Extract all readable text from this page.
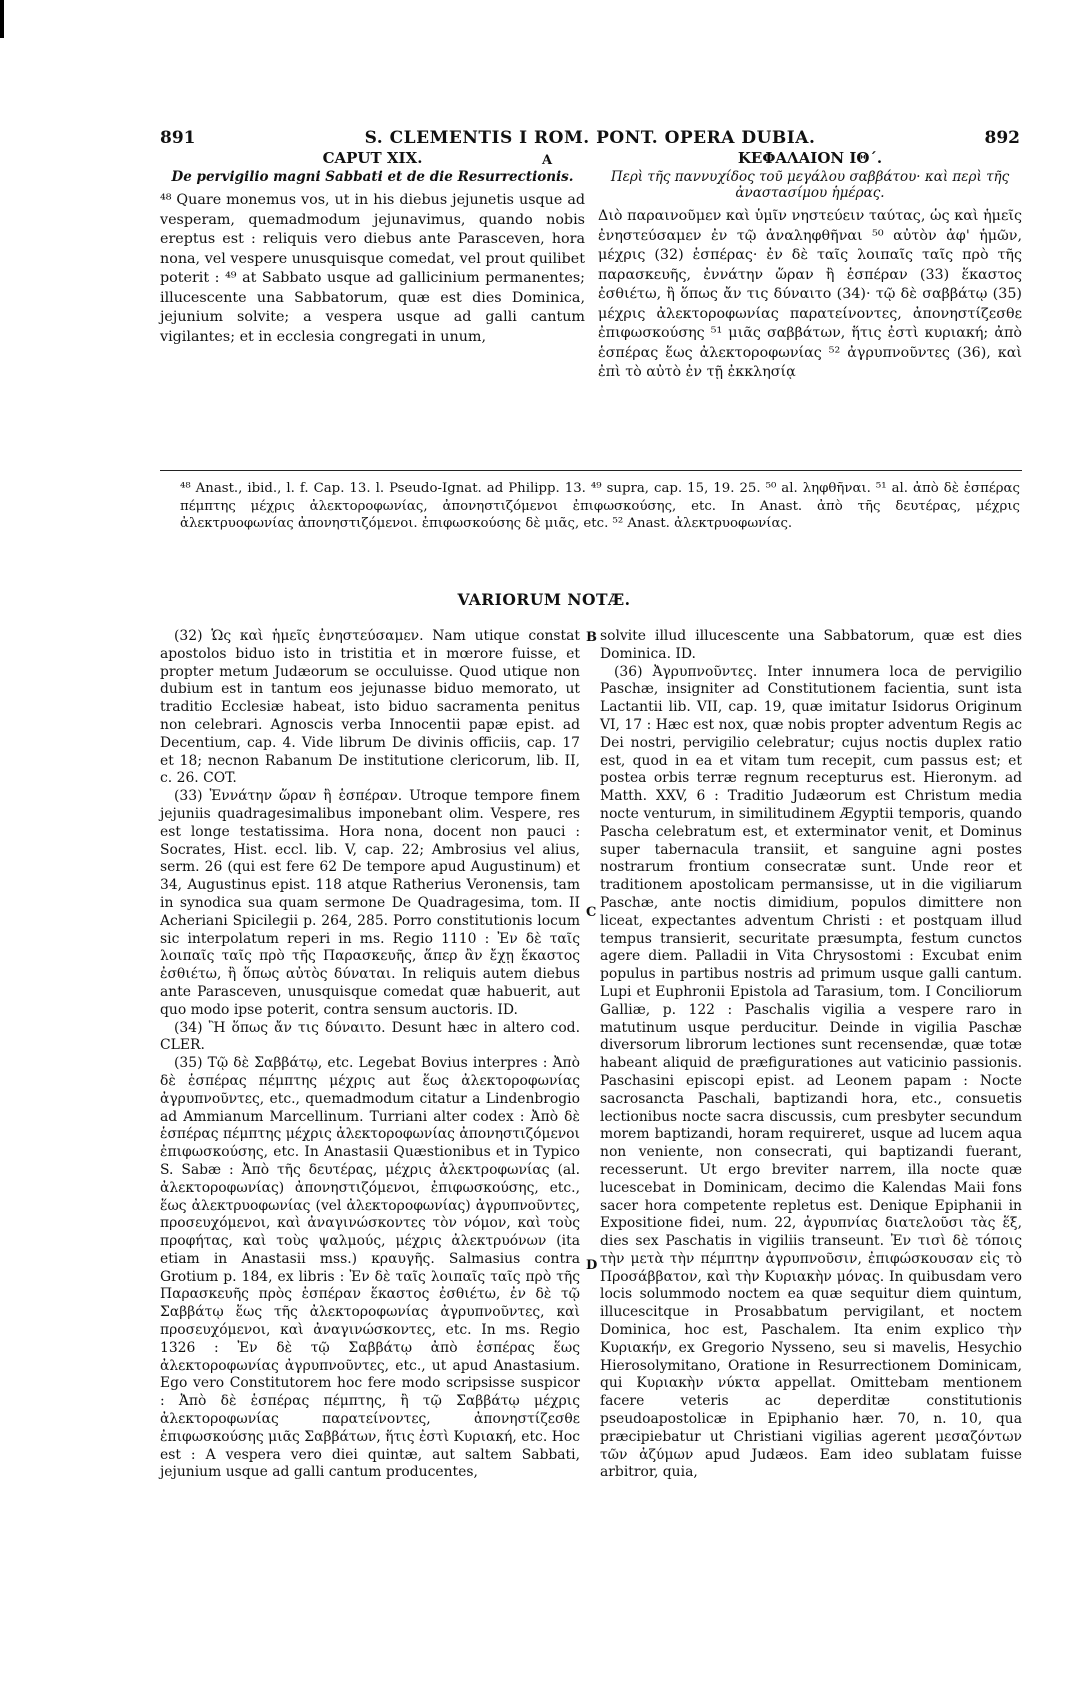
891	S. CLEMENTIS I ROM. PONT. OPERA DUBIA.	892
CAPUT XIX.
De pervigilio magni Sabbati et de die Resurrectionis.
⁴⁸ Quare monemus vos, ut in his diebus jejunetis usque ad vesperam, quemadmodum jejunavimus, quando nobis ereptus est : reliquis vero diebus ante Parasceven, hora nona, vel vespere unusquisque comedat, vel prout quilibet poterit : ⁴⁹ at Sabbato usque ad gallicinium permanentes; illucescente una Sabbatorum, quæ est dies Dominica, jejunium solvite; a vespera usque ad galli cantum vigilantes; et in ecclesia congregati in unum,
A	ΚΕΦΑΛΑΙΟΝ ΙΘ΄.
Περὶ τῆς παννυχίδος τοῦ μεγάλου σαββάτου· καὶ περὶ τῆς ἀναστασίμου ἡμέρας.
Διὸ παραινοῦμεν καὶ ὑμῖν νηστεύειν ταύτας, ὡς καὶ ἡμεῖς ἐνηστεύσαμεν ἐν τῷ ἀναληφθῆναι ⁵⁰ αὐτὸν ἀφ' ἡμῶν, μέχρις (32) ἑσπέρας· ἐν δὲ ταῖς λοιπαῖς ταῖς πρὸ τῆς παρασκευῆς, ἐννάτην ὥραν ἢ ἑσπέραν (33) ἕκαστος ἐσθιέτω, ἢ ὅπως ἄν τις δύναιτο (34)· τῷ δὲ σαββάτῳ (35) μέχρις ἀλεκτοροφωνίας παρατείνοντες, ἀπονηστίζεσθε ἐπιφωσκούσης ⁵¹ μιᾶς σαββάτων, ἥτις ἐστὶ κυριακή; ἀπὸ ἑσπέρας ἕως ἀλεκτοροφωνίας ⁵² ἀγρυπνοῦντες (36), καὶ ἐπὶ τὸ αὐτὸ ἐν τῇ ἐκκλησίᾳ
⁴⁸ Anast., ibid., l. f. Cap. 13. l. Pseudo-Ignat. ad Philipp. 13. ⁴⁹ supra, cap. 15, 19. 25. ⁵⁰ al. ληφθῆναι. ⁵¹ al. ἀπὸ δὲ ἑσπέρας πέμπτης μέχρις ἀλεκτοροφωνίας, ἀπονηστιζόμενοι ἐπιφωσκούσης, etc. In Anast. ἀπὸ τῆς δευτέρας, μέχρις ἀλεκτρυοφωνίας ἀπονηστιζόμενοι. ἐπιφωσκούσης δὲ μιᾶς, etc. ⁵² Anast. ἀλεκτρυοφωνίας.
VARIORUM NOTÆ.

(32) Ὡς καὶ ἡμεῖς ἐνηστεύσαμεν. Nam utique constat apostolos biduo isto in tristitia et in mœrore fuisse, et propter metum Judæorum se occuluisse. Quod utique non dubium est in tantum eos jejunasse biduo memorato, ut traditio Ecclesiæ habeat, isto biduo sacramenta penitus non celebrari. Agnoscis verba Innocentii papæ epist. ad Decentium, cap. 4. Vide librum De divinis officiis, cap. 17 et 18; necnon Rabanum De institutione clericorum, lib. II, c. 26. COT.

(33) Ἐννάτην ὥραν ἢ ἑσπέραν. Utroque tempore finem jejuniis quadragesimalibus imponebant olim. Vespere, res est longe testatissima. Hora nona, docent non pauci : Socrates, Hist. eccl. lib. V, cap. 22; Ambrosius vel alius, serm. 26 (qui est fere 62 De tempore apud Augustinum) et 34, Augustinus epist. 118 atque Ratherius Veronensis, tam in synodica sua quam sermone De Quadragesima, tom. II Acheriani Spicilegii p. 264, 285. Porro constitutionis locum sic interpolatum reperi in ms. Regio 1110 : Ἐν δὲ ταῖς λοιπαῖς ταῖς πρὸ τῆς Παρασκευῆς, ἅπερ ἂν ἔχῃ ἕκαστος ἐσθιέτω, ἢ ὅπως αὐτὸς δύναται. In reliquis autem diebus ante Parasceven, unusquisque comedat quæ habuerit, aut quo modo ipse poterit, contra sensum auctoris. ID.

(34) Ἢ ὅπως ἄν τις δύναιτο. Desunt hæc in altero cod. CLER.

(35) Τῷ δὲ Σαββάτῳ, etc. Legebat Bovius interpres : Ἀπὸ δὲ ἑσπέρας πέμπτης μέχρις aut ἕως ἀλεκτοροφωνίας ἀγρυπνοῦντες, etc., quemadmodum citatur a Lindenbrogio ad Ammianum Marcellinum. Turriani alter codex : Ἀπὸ δὲ ἑσπέρας πέμπτης μέχρις ἀλεκτοροφωνίας ἀπονηστιζόμενοι ἐπιφωσκούσης, etc. In Anastasii Quæstionibus et in Typico S. Sabæ : Ἀπὸ τῆς δευτέρας, μέχρις ἀλεκτροφωνίας (al. ἀλεκτοροφωνίας) ἀπονηστιζόμενοι, ἐπιφωσκούσης, etc., ἕως ἀλεκτρυοφωνίας (vel ἀλεκτοροφωνίας) ἀγρυπνοῦντες, προσευχόμενοι, καὶ ἀναγινώσκοντες τὸν νόμον, καὶ τοὺς προφήτας, καὶ τοὺς ψαλμούς, μέχρις ἀλεκτρυόνων (ita etiam in Anastasii mss.) κραυγῆς. Salmasius contra Grotium p. 184, ex libris : Ἐν δὲ ταῖς λοιπαῖς ταῖς πρὸ τῆς Παρασκευῆς πρὸς ἑσπέραν ἕκαστος ἐσθιέτω, ἐν δὲ τῷ Σαββάτῳ ἕως τῆς ἀλεκτοροφωνίας ἀγρυπνοῦντες, καὶ προσευχόμενοι, καὶ ἀναγινώσκοντες, etc. In ms. Regio 1326 : Ἐν δὲ τῷ Σαββάτῳ ἀπὸ ἑσπέρας ἕως ἀλεκτοροφωνίας ἀγρυπνοῦντες, etc., ut apud Anastasium. Ego vero Constitutorem hoc fere modo scripsisse suspicor : Ἀπὸ δὲ ἑσπέρας πέμπτης, ἢ τῷ Σαββάτῳ μέχρις ἀλεκτοροφωνίας παρατείνοντες, ἀπονηστίζεσθε ἐπιφωσκούσης μιᾶς Σαββάτων, ἥτις ἐστὶ Κυριακή, etc. Hoc est : A vespera vero diei quintæ, aut saltem Sabbati, jejunium usque ad galli cantum producentes,

B
C
D

solvite illud illucescente una Sabbatorum, quæ est dies Dominica. ID.

(36) Ἀγρυπνοῦντες. Inter innumera loca de pervigilio Paschæ, insigniter ad Constitutionem facientia, sunt ista Lactantii lib. VII, cap. 19, quæ imitatur Isidorus Originum VI, 17 : Hæc est nox, quæ nobis propter adventum Regis ac Dei nostri, pervigilio celebratur; cujus noctis duplex ratio est, quod in ea et vitam tum recepit, cum passus est; et postea orbis terræ regnum recepturus est. Hieronym. ad Matth. XXV, 6 : Traditio Judæorum est Christum media nocte venturum, in similitudinem Ægyptii temporis, quando Pascha celebratum est, et exterminator venit, et Dominus super tabernacula transiit, et sanguine agni postes nostrarum frontium consecratæ sunt. Unde reor et traditionem apostolicam permansisse, ut in die vigiliarum Paschæ, ante noctis dimidium, populos dimittere non liceat, expectantes adventum Christi : et postquam illud tempus transierit, securitate præsumpta, festum cunctos agere diem. Palladii in Vita Chrysostomi : Excubat enim populus in partibus nostris ad primum usque galli cantum. Lupi et Euphronii Epistola ad Tarasium, tom. I Conciliorum Galliæ, p. 122 : Paschalis vigilia a vespere raro in matutinum usque perducitur. Deinde in vigilia Paschæ diversorum librorum lectiones sunt recensendæ, quæ totæ habeant aliquid de præfigurationes aut vaticinio passionis. Paschasini episcopi epist. ad Leonem papam : Nocte sacrosancta Paschali, baptizandi hora, etc., consuetis lectionibus nocte sacra discussis, cum presbyter secundum morem baptizandi, horam requireret, usque ad lucem aqua non veniente, non consecrati, qui baptizandi fuerant, recesserunt. Ut ergo breviter narrem, illa nocte quæ lucescebat in Dominicam, decimo die Kalendas Maii fons sacer hora competente repletus est. Denique Epiphanii in Expositione fidei, num. 22, ἀγρυπνίας διατελοῦσι τὰς ἕξ, dies sex Paschatis in vigiliis transeunt. Ἐν τισὶ δὲ τόποις τὴν μετὰ τὴν πέμπτην ἀγρυπνοῦσιν, ἐπιφώσκουσαν εἰς τὸ Προσάββατον, καὶ τὴν Κυριακὴν μόνας. In quibusdam vero locis solummodo noctem ea quæ sequitur diem quintum, illucescitque in Prosabbatum pervigilant, et noctem Dominica, hoc est, Paschalem. Ita enim explico τὴν Κυριακήν, ex Gregorio Nysseno, seu si mavelis, Hesychio Hierosolymitano, Oratione in Resurrectionem Dominicam, qui Κυριακὴν νύκτα appellat. Omittebam mentionem facere veteris ac deperditæ constitutionis pseudoapostolicæ in Epiphanio hær. 70, n. 10, qua præcipiebatur ut Christiani vigilias agerent μεσαζόντων τῶν ἀζύμων apud Judæos. Eam ideo sublatam fuisse arbitror, quia,
